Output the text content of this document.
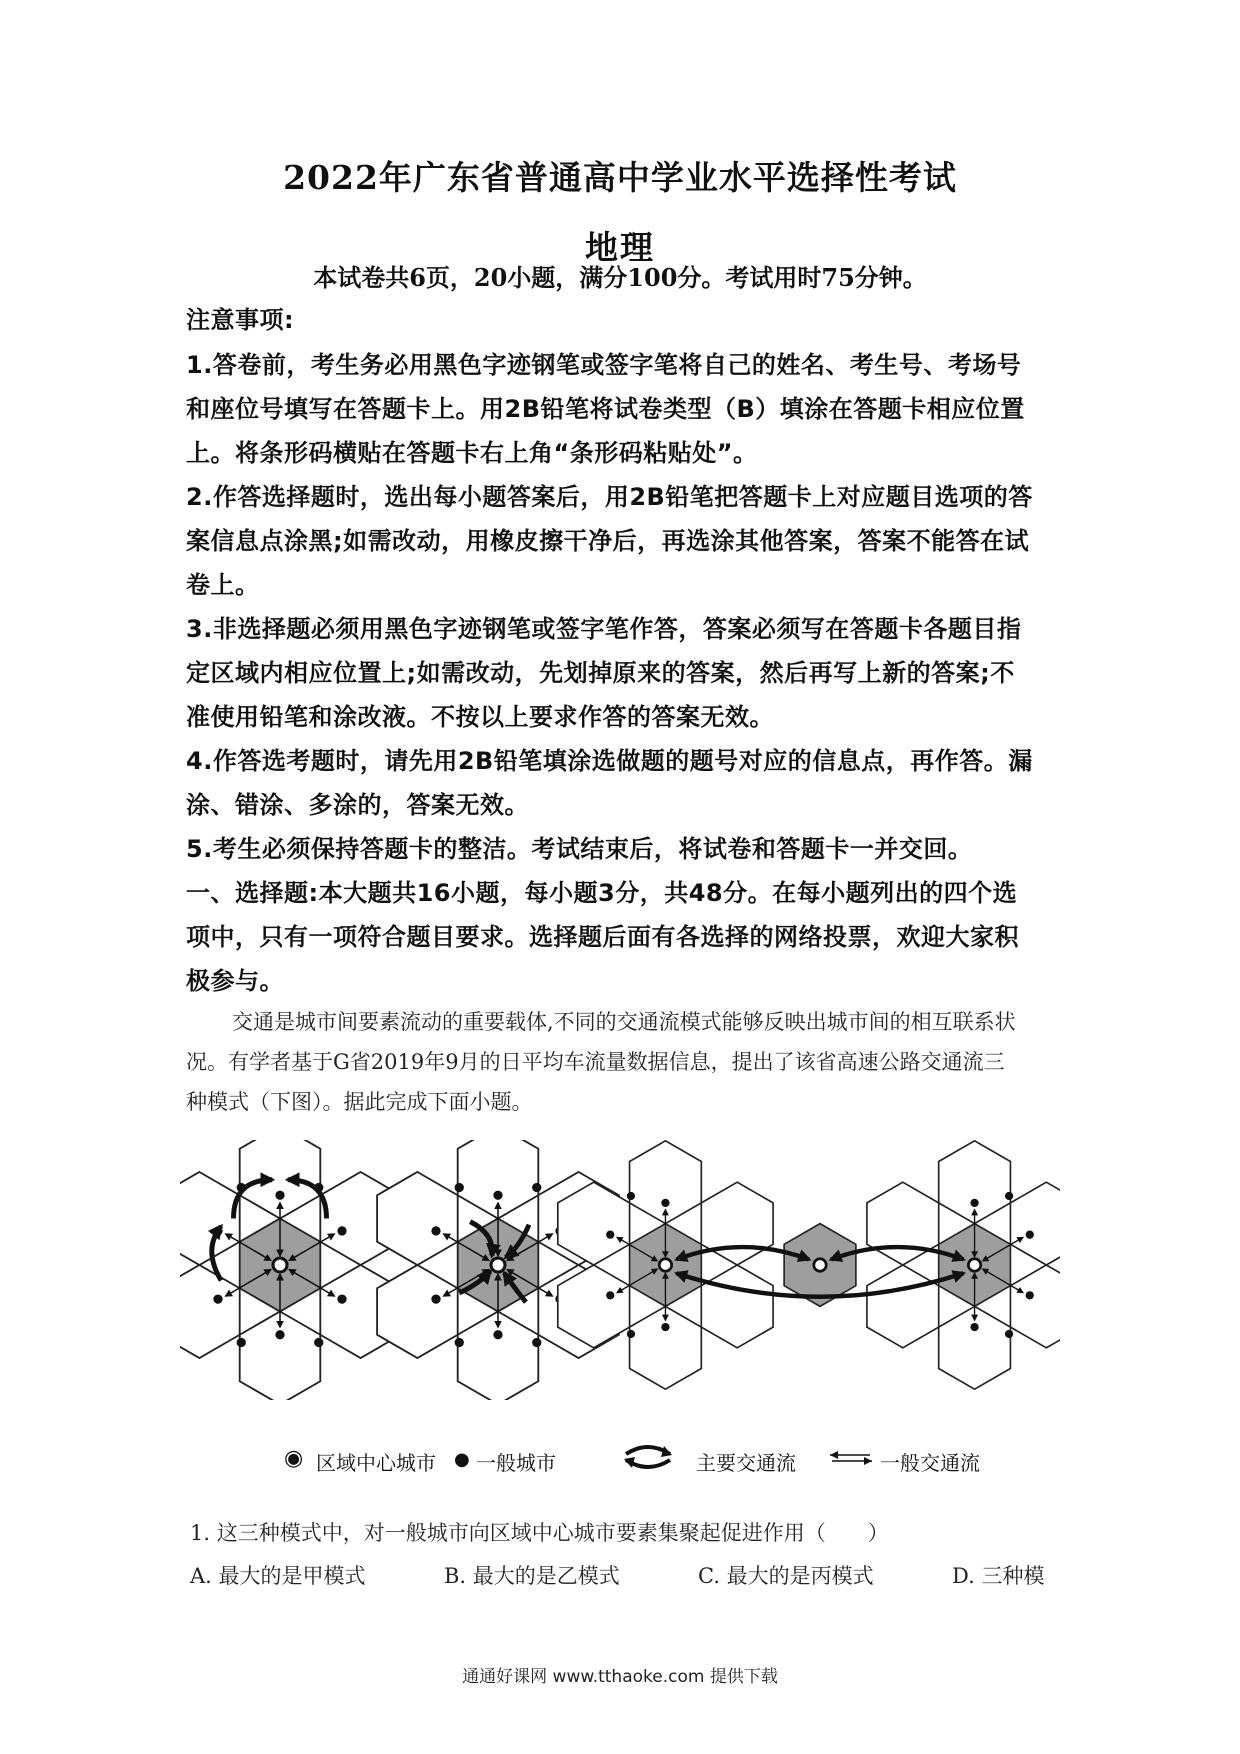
2022年广东省普通高中学业水平选择性考试
地理
本试卷共6页，20小题，满分100分。考试用时75分钟。
注意事项:
1.答卷前，考生务必用黑色字迹钢笔或签字笔将自己的姓名、考生号、考场号
和座位号填写在答题卡上。用2B铅笔将试卷类型（B）填涂在答题卡相应位置
上。将条形码横贴在答题卡右上角“条形码粘贴处”。
2.作答选择题时，选出每小题答案后，用2B铅笔把答题卡上对应题目选项的答
案信息点涂黑;如需改动，用橡皮擦干净后，再选涂其他答案，答案不能答在试
卷上。
3.非选择题必须用黑色字迹钢笔或签字笔作答，答案必须写在答题卡各题目指
定区域内相应位置上;如需改动，先划掉原来的答案，然后再写上新的答案;不
准使用铅笔和涂改液。不按以上要求作答的答案无效。
4.作答选考题时，请先用2B铅笔填涂选做题的题号对应的信息点，再作答。漏
涂、错涂、多涂的，答案无效。
5.考生必须保持答题卡的整洁。考试结束后，将试卷和答题卡一并交回。
一、选择题:本大题共16小题，每小题3分，共48分。在每小题列出的四个选
项中，只有一项符合题目要求。选择题后面有各选择的网络投票，欢迎大家积
极参与。
交通是城市间要素流动的重要载体,不同的交通流模式能够反映出城市间的相互联系状
况。有学者基于G省2019年9月的日平均车流量数据信息，提出了该省高速公路交通流三
种模式（下图）。据此完成下面小题。
◉ 区域中心城市 ● 一般城市	主要交通流	一般交通流
1. 这三种模式中，对一般城市向区域中心城市要素集聚起促进作用（　　）
A. 最大的是甲模式	B. 最大的是乙模式	C. 最大的是丙模式	D. 三种模
通通好课网 www.tthaoke.com 提供下载
